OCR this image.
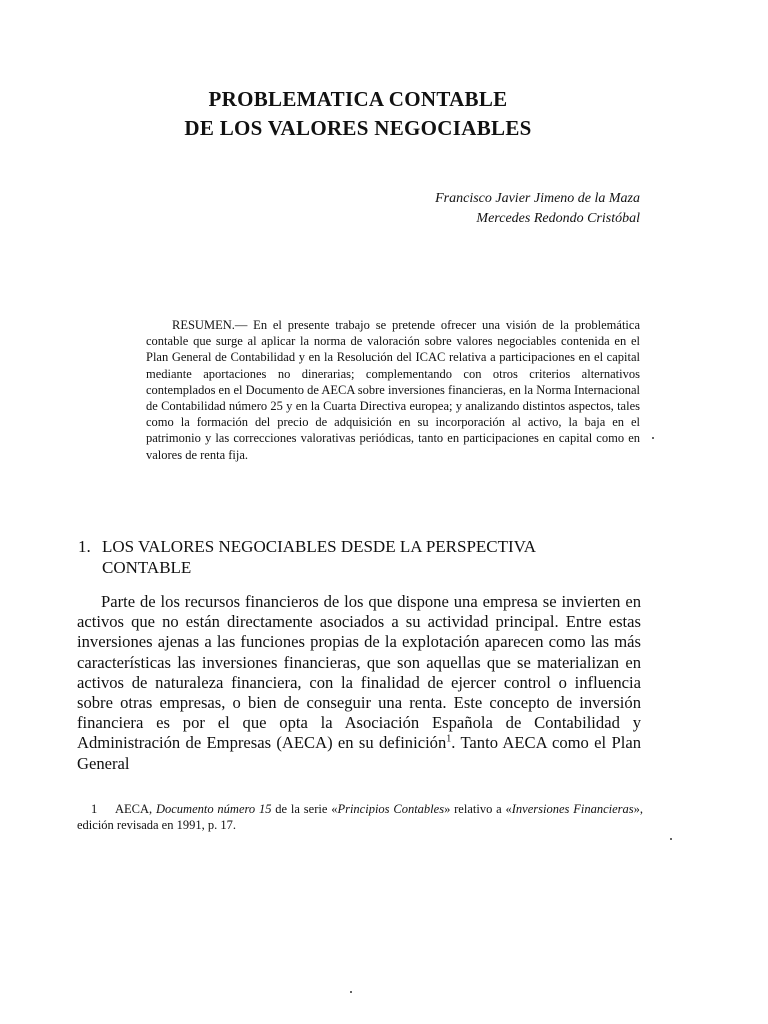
PROBLEMATICA CONTABLE
DE LOS VALORES NEGOCIABLES
Francisco Javier Jimeno de la Maza
Mercedes Redondo Cristóbal

RESUMEN.— En el presente trabajo se pretende ofrecer una visión de la problemática contable que surge al aplicar la norma de valoración sobre valores negociables contenida en el Plan General de Contabilidad y en la Resolución del ICAC relativa a participaciones en el capital mediante aportaciones no dinerarias; complementando con otros criterios alternativos contemplados en el Documento de AECA sobre inversiones financieras, en la Norma Internacional de Contabilidad número 25 y en la Cuarta Directiva europea; y analizando distintos aspectos, tales como la formación del precio de adquisición en su incorporación al activo, la baja en el patrimonio y las correcciones valorativas periódicas, tanto en participaciones en capital como en valores de renta fija.

1. LOS VALORES NEGOCIABLES DESDE LA PERSPECTIVA
CONTABLE

Parte de los recursos financieros de los que dispone una empresa se invierten en activos que no están directamente asociados a su actividad principal. Entre estas inversiones ajenas a las funciones propias de la explotación aparecen como las más características las inversiones financieras, que son aquellas que se materializan en activos de naturaleza financiera, con la finalidad de ejercer control o influencia sobre otras empresas, o bien de conseguir una renta. Este concepto de inversión financiera es por el que opta la Asociación Española de Contabilidad y Administración de Empresas (AECA) en su definición$^1$. Tanto AECA como el Plan General

1 AECA, Documento número 15 de la serie «Principios Contables» relativo a «Inversiones Financieras», edición revisada en 1991, p. 17.
